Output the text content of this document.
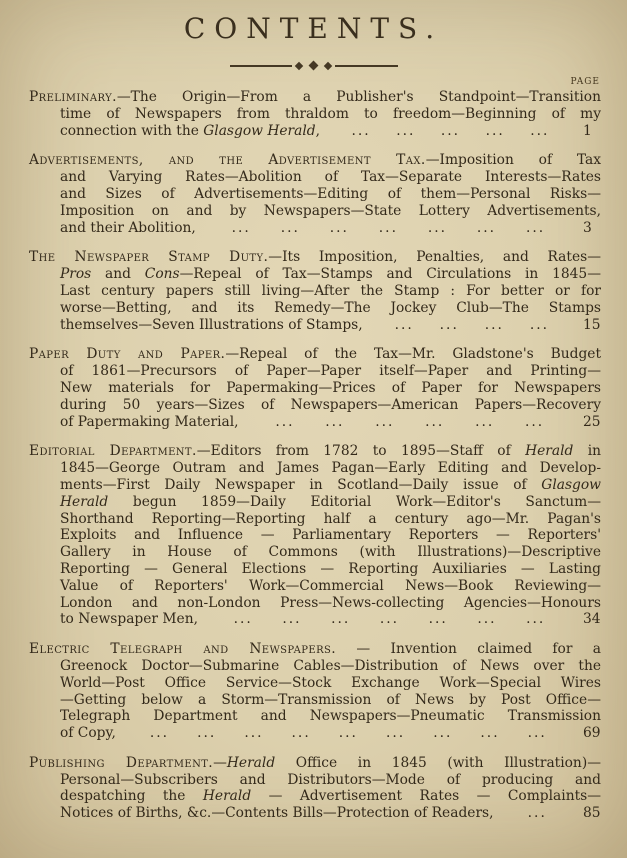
CONTENTS.
PAGE
Preliminary.—The Origin—From a Publisher's Standpoint—Transition
time of Newspapers from thraldom to freedom—Beginning of my
connection with the Glasgow Herald, ... ... ... ... ... 1
Advertisements, and the Advertisement Tax.—Imposition of Tax
and Varying Rates—Abolition of Tax—Separate Interests—Rates
and Sizes of Advertisements—Editing of them—Personal Risks—
Imposition on and by Newspapers—State Lottery Advertisements,
and their Abolition,	... ... ... ... ... ... ...	3
The Newspaper Stamp Duty.—Its Imposition, Penalties, and Rates—
Pros and Cons—Repeal of Tax—Stamps and Circulations in 1845—
Last century papers still living—After the Stamp : For better or for
worse—Betting, and its Remedy—The Jockey Club—The Stamps
themselves—Seven Illustrations of Stamps, ... ... ... ... 15
Paper Duty and Paper.—Repeal of the Tax—Mr. Gladstone's Budget
of 1861—Precursors of Paper—Paper itself—Paper and Printing—
New materials for Papermaking—Prices of Paper for Newspapers
during 50 years—Sizes of Newspapers—American Papers—Recovery
of Papermaking Material,	... ... ... ... ... ...	25
Editorial Department.—Editors from 1782 to 1895—Staff of Herald in
1845—George Outram and James Pagan—Early Editing and Develop-
ments—First Daily Newspaper in Scotland—Daily issue of Glasgow
Herald begun 1859—Daily Editorial Work—Editor's Sanctum—
Shorthand Reporting—Reporting half a century ago—Mr. Pagan's
Exploits and Influence — Parliamentary Reporters — Reporters'
Gallery in House of Commons (with Illustrations)—Descriptive
Reporting — General Elections — Reporting Auxiliaries — Lasting
Value of Reporters' Work—Commercial News—Book Reviewing—
London and non-London Press—News-collecting Agencies—Honours
to Newspaper Men,	... ... ... ... ... ... ...	34
Electric Telegraph and Newspapers. — Invention claimed for a
Greenock Doctor—Submarine Cables—Distribution of News over the
World—Post Office Service—Stock Exchange Work—Special Wires
—Getting below a Storm—Transmission of News by Post Office—
Telegraph Department and Newspapers—Pneumatic Transmission
of Copy, ... ... ... ... ... ... ... ... ...	69
Publishing Department.—Herald Office in 1845 (with Illustration)—
Personal—Subscribers and Distributors—Mode of producing and
despatching the Herald — Advertisement Rates — Complaints—
Notices of Births, &c.—Contents Bills—Protection of Readers, ...	85
